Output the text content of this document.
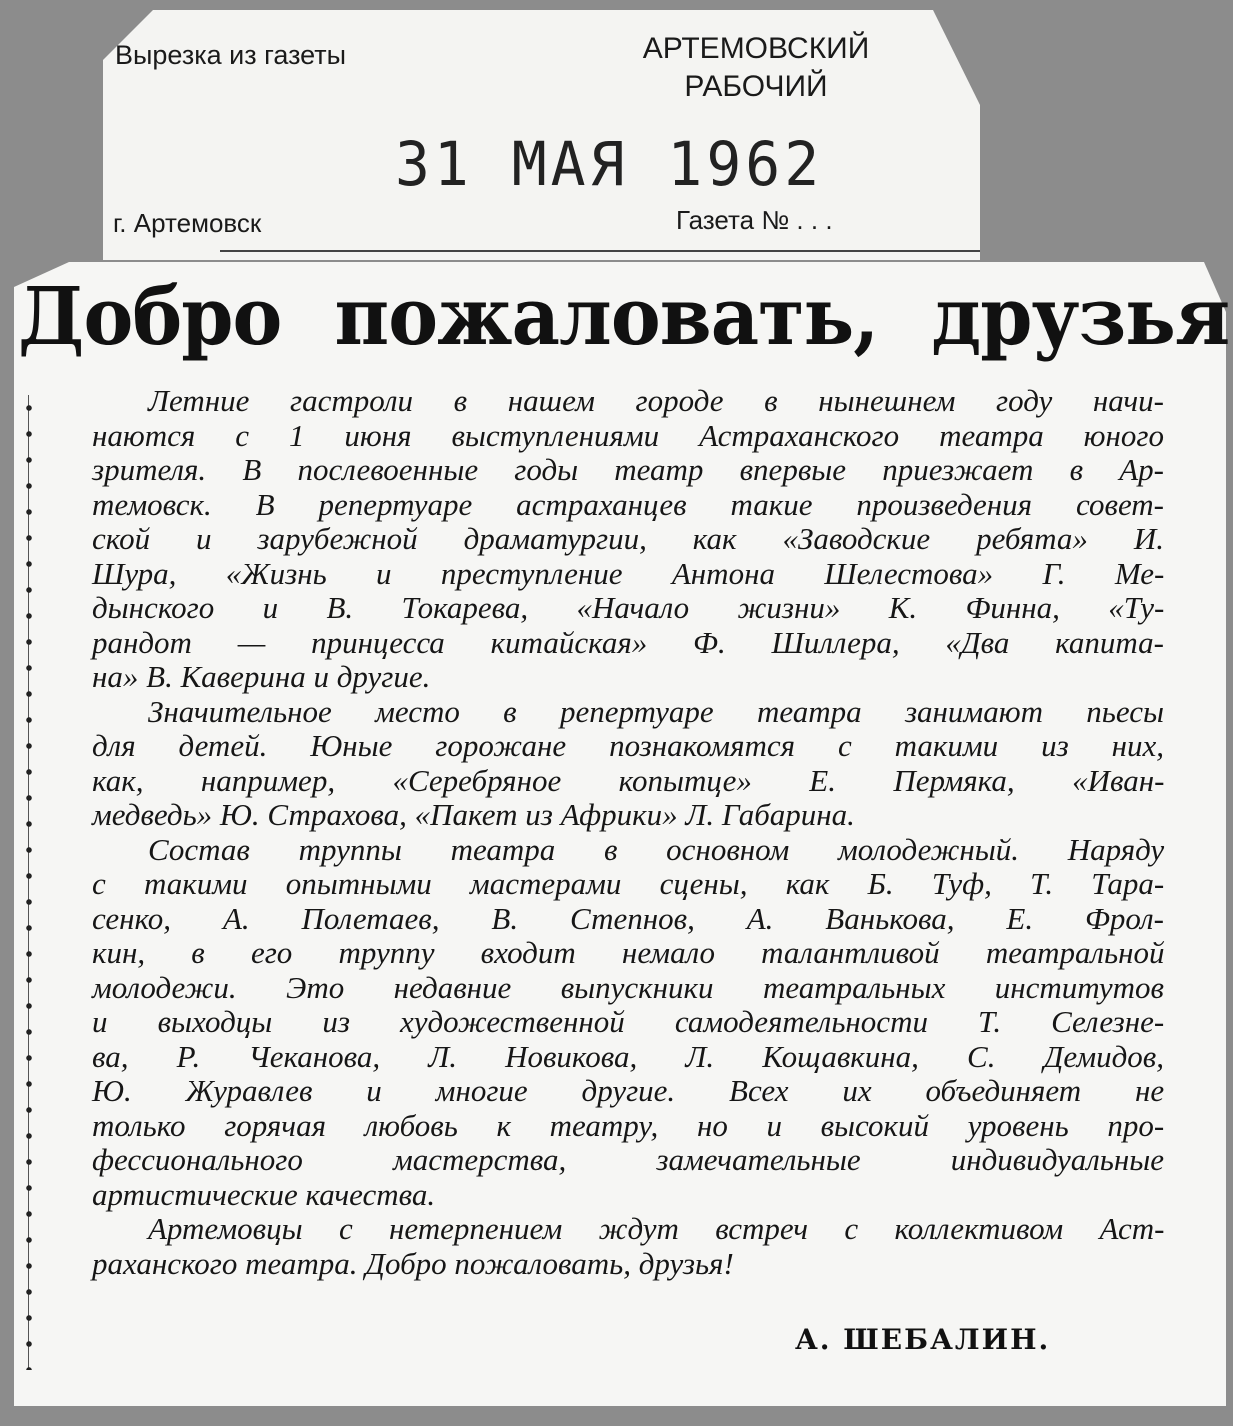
Вырезка из газеты	АРТЕМОВСКИЙ
РАБОЧИЙ
31 МАЯ 1962
г. Артемовск	Газета № . . .
Добро пожаловать, друзья
Летние гастроли в нашем городе в нынешнем году начи-
наются с 1 июня выступлениями Астраханского театра юного
зрителя. В послевоенные годы театр впервые приезжает в Ар-
темовск. В репертуаре астраханцев такие произведения совет-
ской и зарубежной драматургии, как «Заводские ребята» И.
Шура, «Жизнь и преступление Антона Шелестова» Г. Ме-
дынского и В. Токарева, «Начало жизни» К. Финна, «Ту-
рандот — принцесса китайская» Ф. Шиллера, «Два капита-
на» В. Каверина и другие.
Значительное место в репертуаре театра занимают пьесы
для детей. Юные горожане познакомятся с такими из них,
как, например, «Серебряное копытце» Е. Пермяка, «Иван-
медведь» Ю. Страхова, «Пакет из Африки» Л. Габарина.
Состав труппы театра в основном молодежный. Наряду
с такими опытными мастерами сцены, как Б. Туф, Т. Тара-
сенко, А. Полетаев, В. Степнов, А. Ванькова, Е. Фрол-
кин, в его труппу входит немало талантливой театральной
молодежи. Это недавние выпускники театральных институтов
и выходцы из художественной самодеятельности Т. Селезне-
ва, Р. Чеканова, Л. Новикова, Л. Кощавкина, С. Демидов,
Ю. Журавлев и многие другие. Всех их объединяет не
только горячая любовь к театру, но и высокий уровень про-
фессионального мастерства, замечательные индивидуальные
артистические качества.
Артемовцы с нетерпением ждут встреч с коллективом Аст-
раханского театра. Добро пожаловать, друзья!
А. ШЕБАЛИН.
